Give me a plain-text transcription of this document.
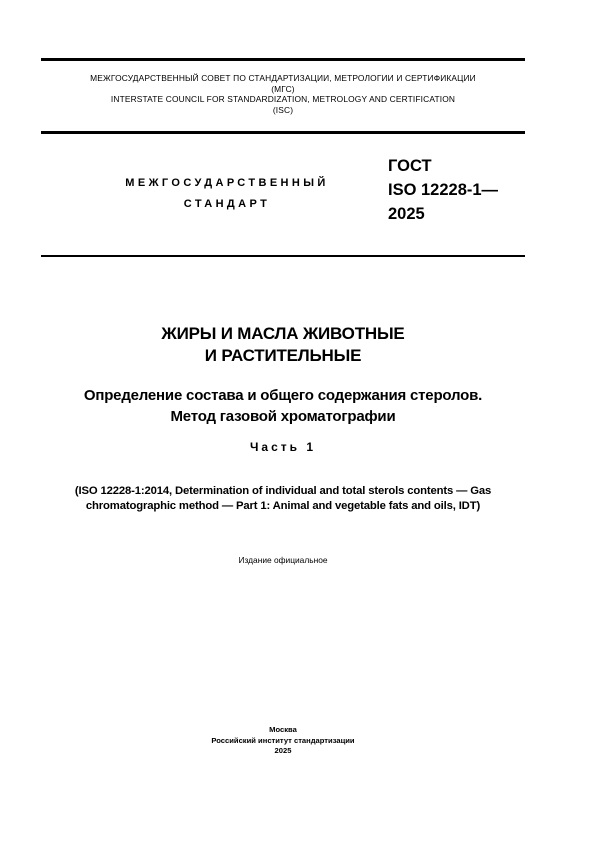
МЕЖГОСУДАРСТВЕННЫЙ СОВЕТ ПО СТАНДАРТИЗАЦИИ, МЕТРОЛОГИИ И СЕРТИФИКАЦИИ
(МГС)
INTERSTATE COUNCIL FOR STANDARDIZATION, METROLOGY AND CERTIFICATION
(ISC)
МЕЖГОСУДАРСТВЕННЫЙ
СТАНДАРТ
ГОСТ
ISO 12228-1—
2025
ЖИРЫ И МАСЛА ЖИВОТНЫЕ
И РАСТИТЕЛЬНЫЕ
Определение состава и общего содержания стеролов.
Метод газовой хроматографии
Часть 1
(ISO 12228-1:2014, Determination of individual and total sterols contents — Gas
chromatographic method — Part 1: Animal and vegetable fats and oils, IDT)
Издание официальное
Москва
Российский институт стандартизации
2025
